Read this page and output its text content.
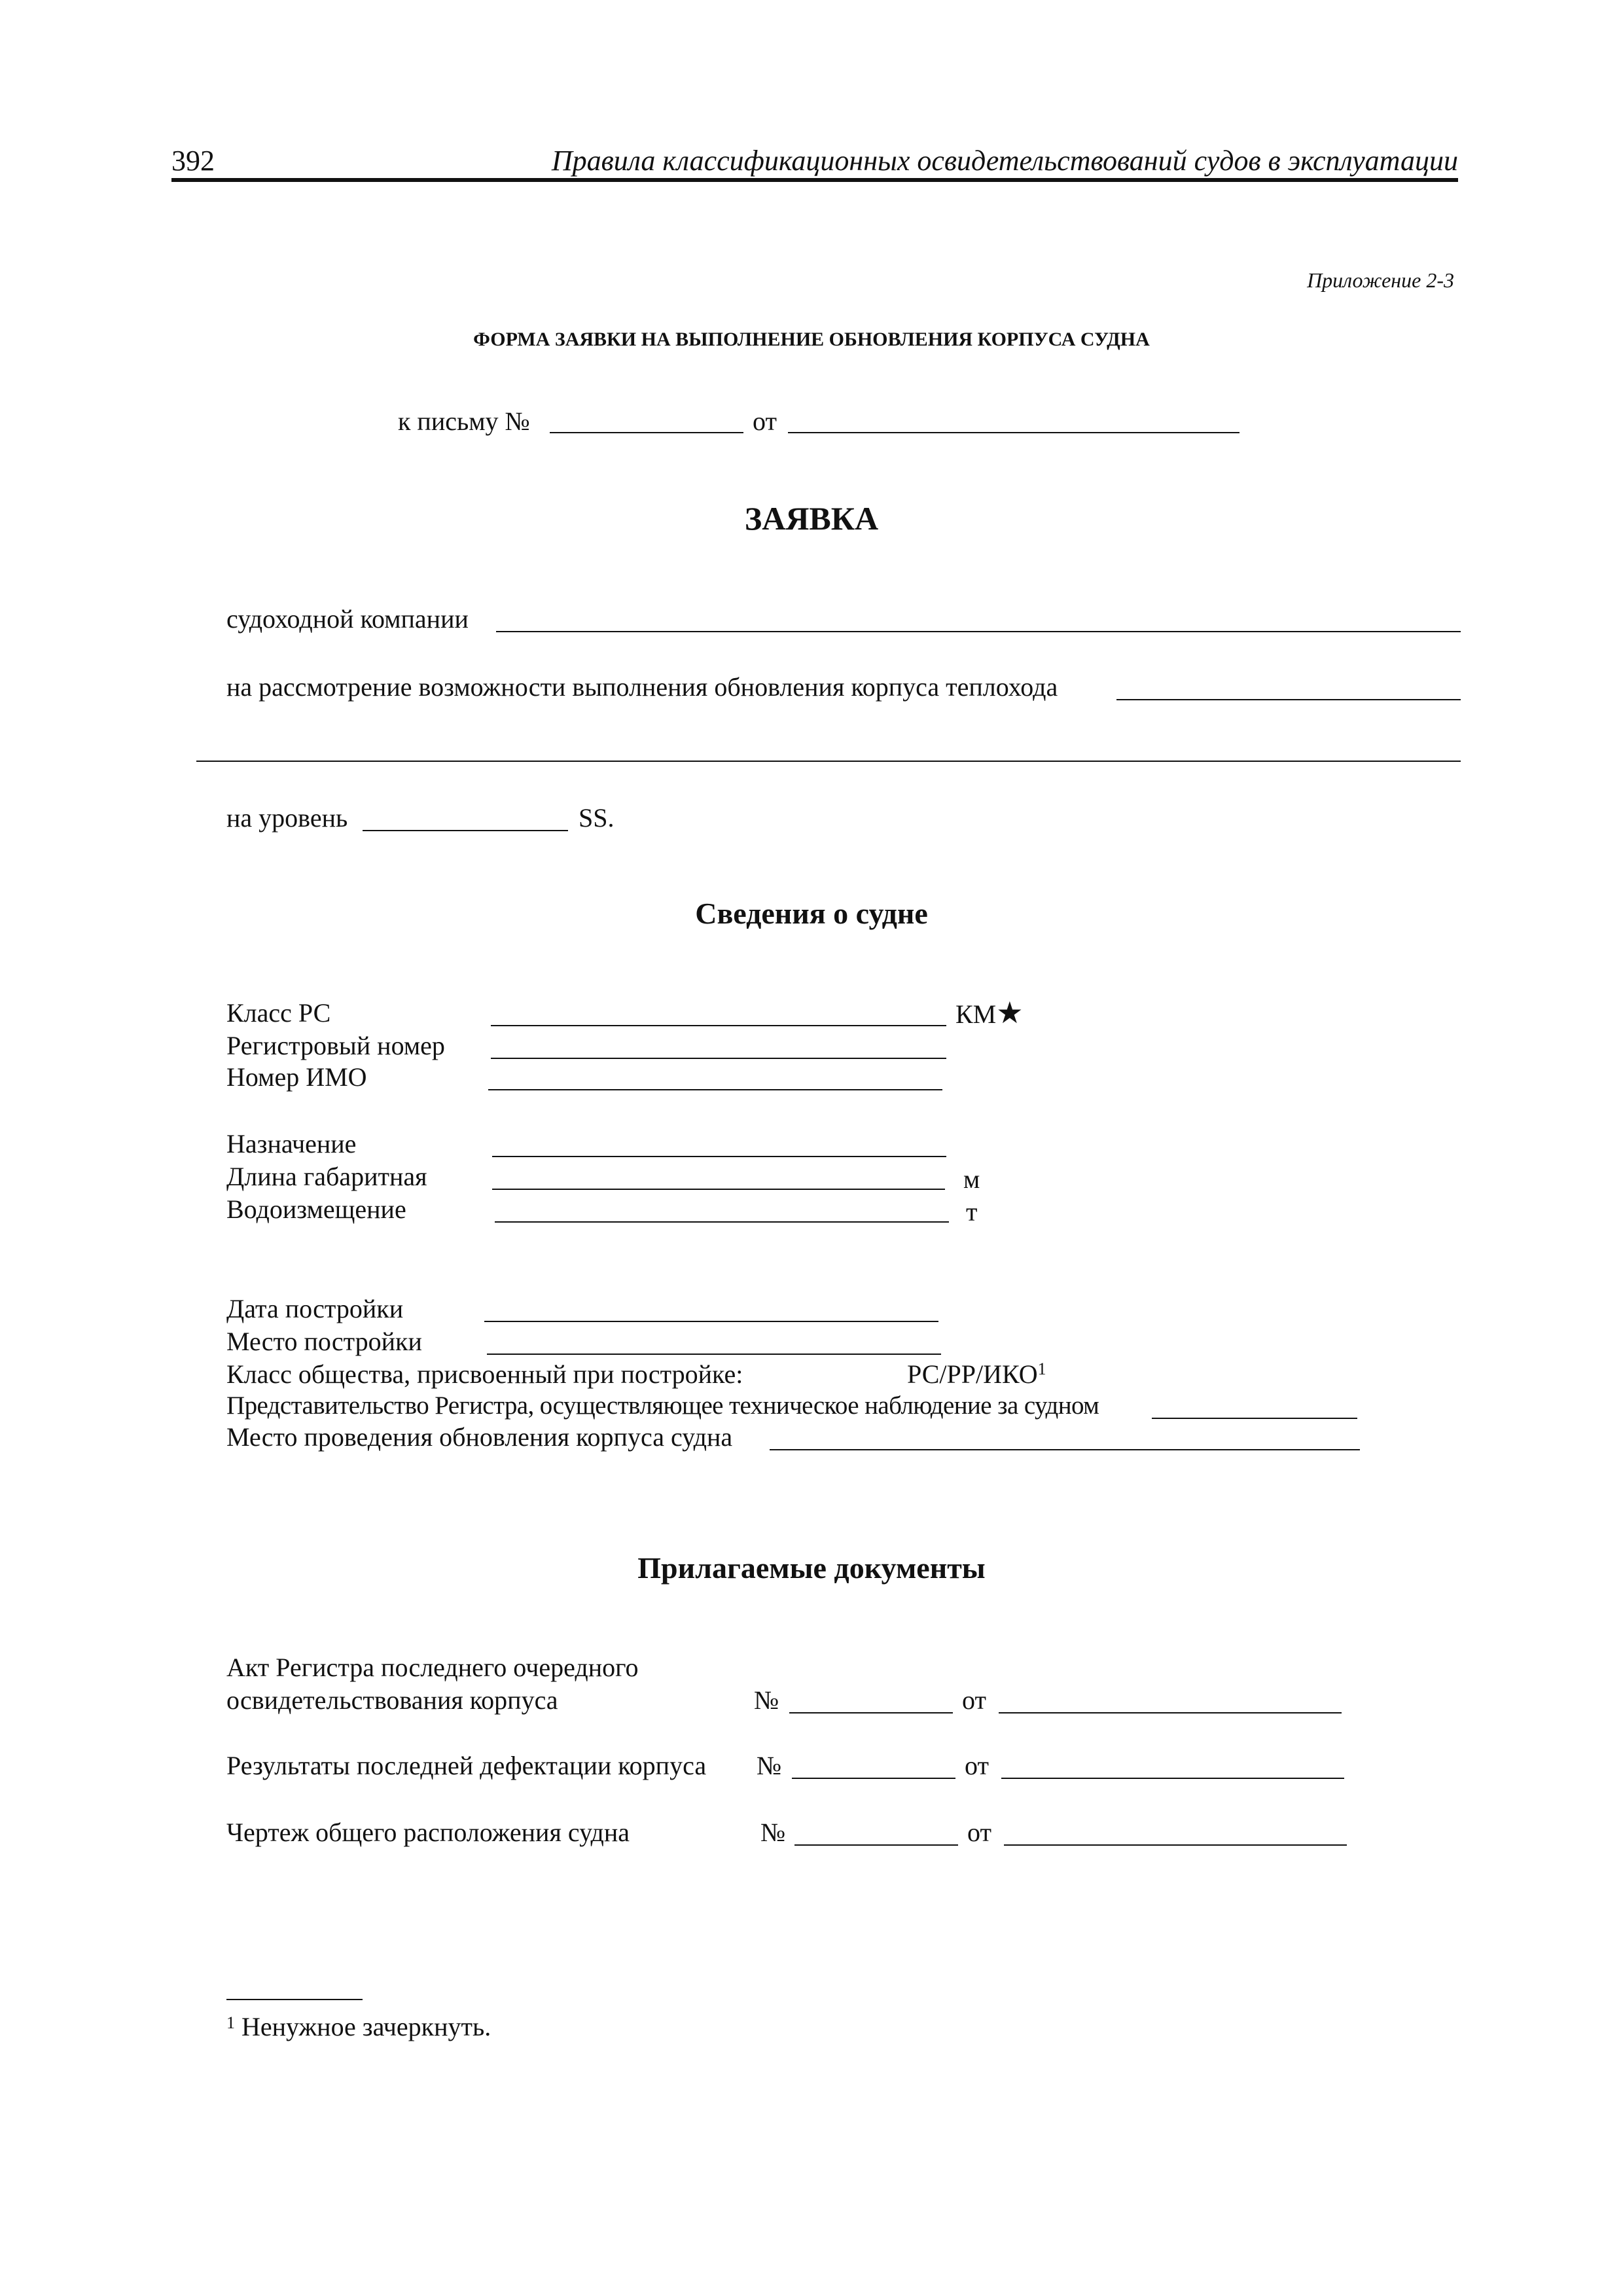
392	Правила классификационных освидетельствований судов в эксплуатации
Приложение 2-3
ФОРМА ЗАЯВКИ НА ВЫПОЛНЕНИЕ ОБНОВЛЕНИЯ КОРПУСА СУДНА
к письму №	от
ЗАЯВКА
судоходной компании
на рассмотрение возможности выполнения обновления корпуса теплохода
на уровень	SS.
Сведения о судне
Класс РС	КМ★
Регистровый номер
Номер ИМО
Назначение
Длина габаритная	м
Водоизмещение	т
Дата постройки
Место постройки
Класс общества, присвоенный при постройке:	РС/РР/ИКО$^1$
Представительство Регистра, осуществляющее техническое наблюдение за судном
Место проведения обновления корпуса судна
Прилагаемые документы
Акт Регистра последнего очередного
освидетельствования корпуса	№	от
Результаты последней дефектации корпуса №	от
Чертеж общего расположения судна	№	от
$^1$ Ненужное зачеркнуть.
